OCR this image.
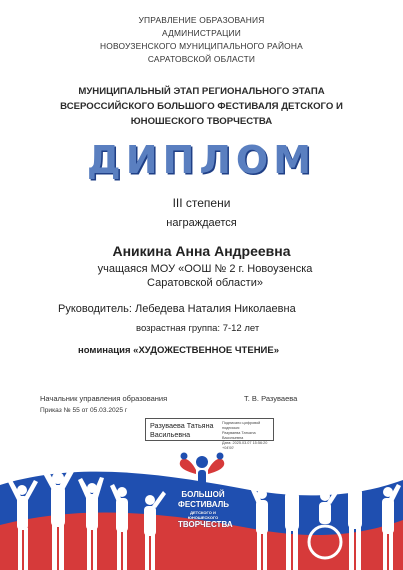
УПРАВЛЕНИЕ ОБРАЗОВАНИЯ
АДМИНИСТРАЦИИ
НОВОУЗЕНСКОГО МУНИЦИПАЛЬНОГО РАЙОНА
САРАТОВСКОЙ ОБЛАСТИ
МУНИЦИПАЛЬНЫЙ ЭТАП РЕГИОНАЛЬНОГО ЭТАПА
ВСЕРОССИЙСКОГО БОЛЬШОГО ФЕСТИВАЛЯ ДЕТСКОГО И
ЮНОШЕСКОГО ТВОРЧЕСТВА
ДИПЛОМ
III степени
награждается
Аникина Анна Андреевна
учащаяся МОУ «ООШ № 2 г. Новоузенска
Саратовской области»
Руководитель: Лебедева Наталия Николаевна
возрастная группа: 7-12 лет
номинация «ХУДОЖЕСТВЕННОЕ ЧТЕНИЕ»
БОЛЬШОЙ
ФЕСТИВАЛЬ
ДЕТСКОГО И ЮНОШЕСКОГО
ТВОРЧЕСТВА
Начальник управления образования	Т. В. Разуваева
Приказ № 55 от 05.03.2025 г
Разуваева Татьяна Васильевна
Подписано цифровой подписью:
Разуваева Татьяна Васильевна
Дата: 2025.03.07 15:56:20 +04'00'
